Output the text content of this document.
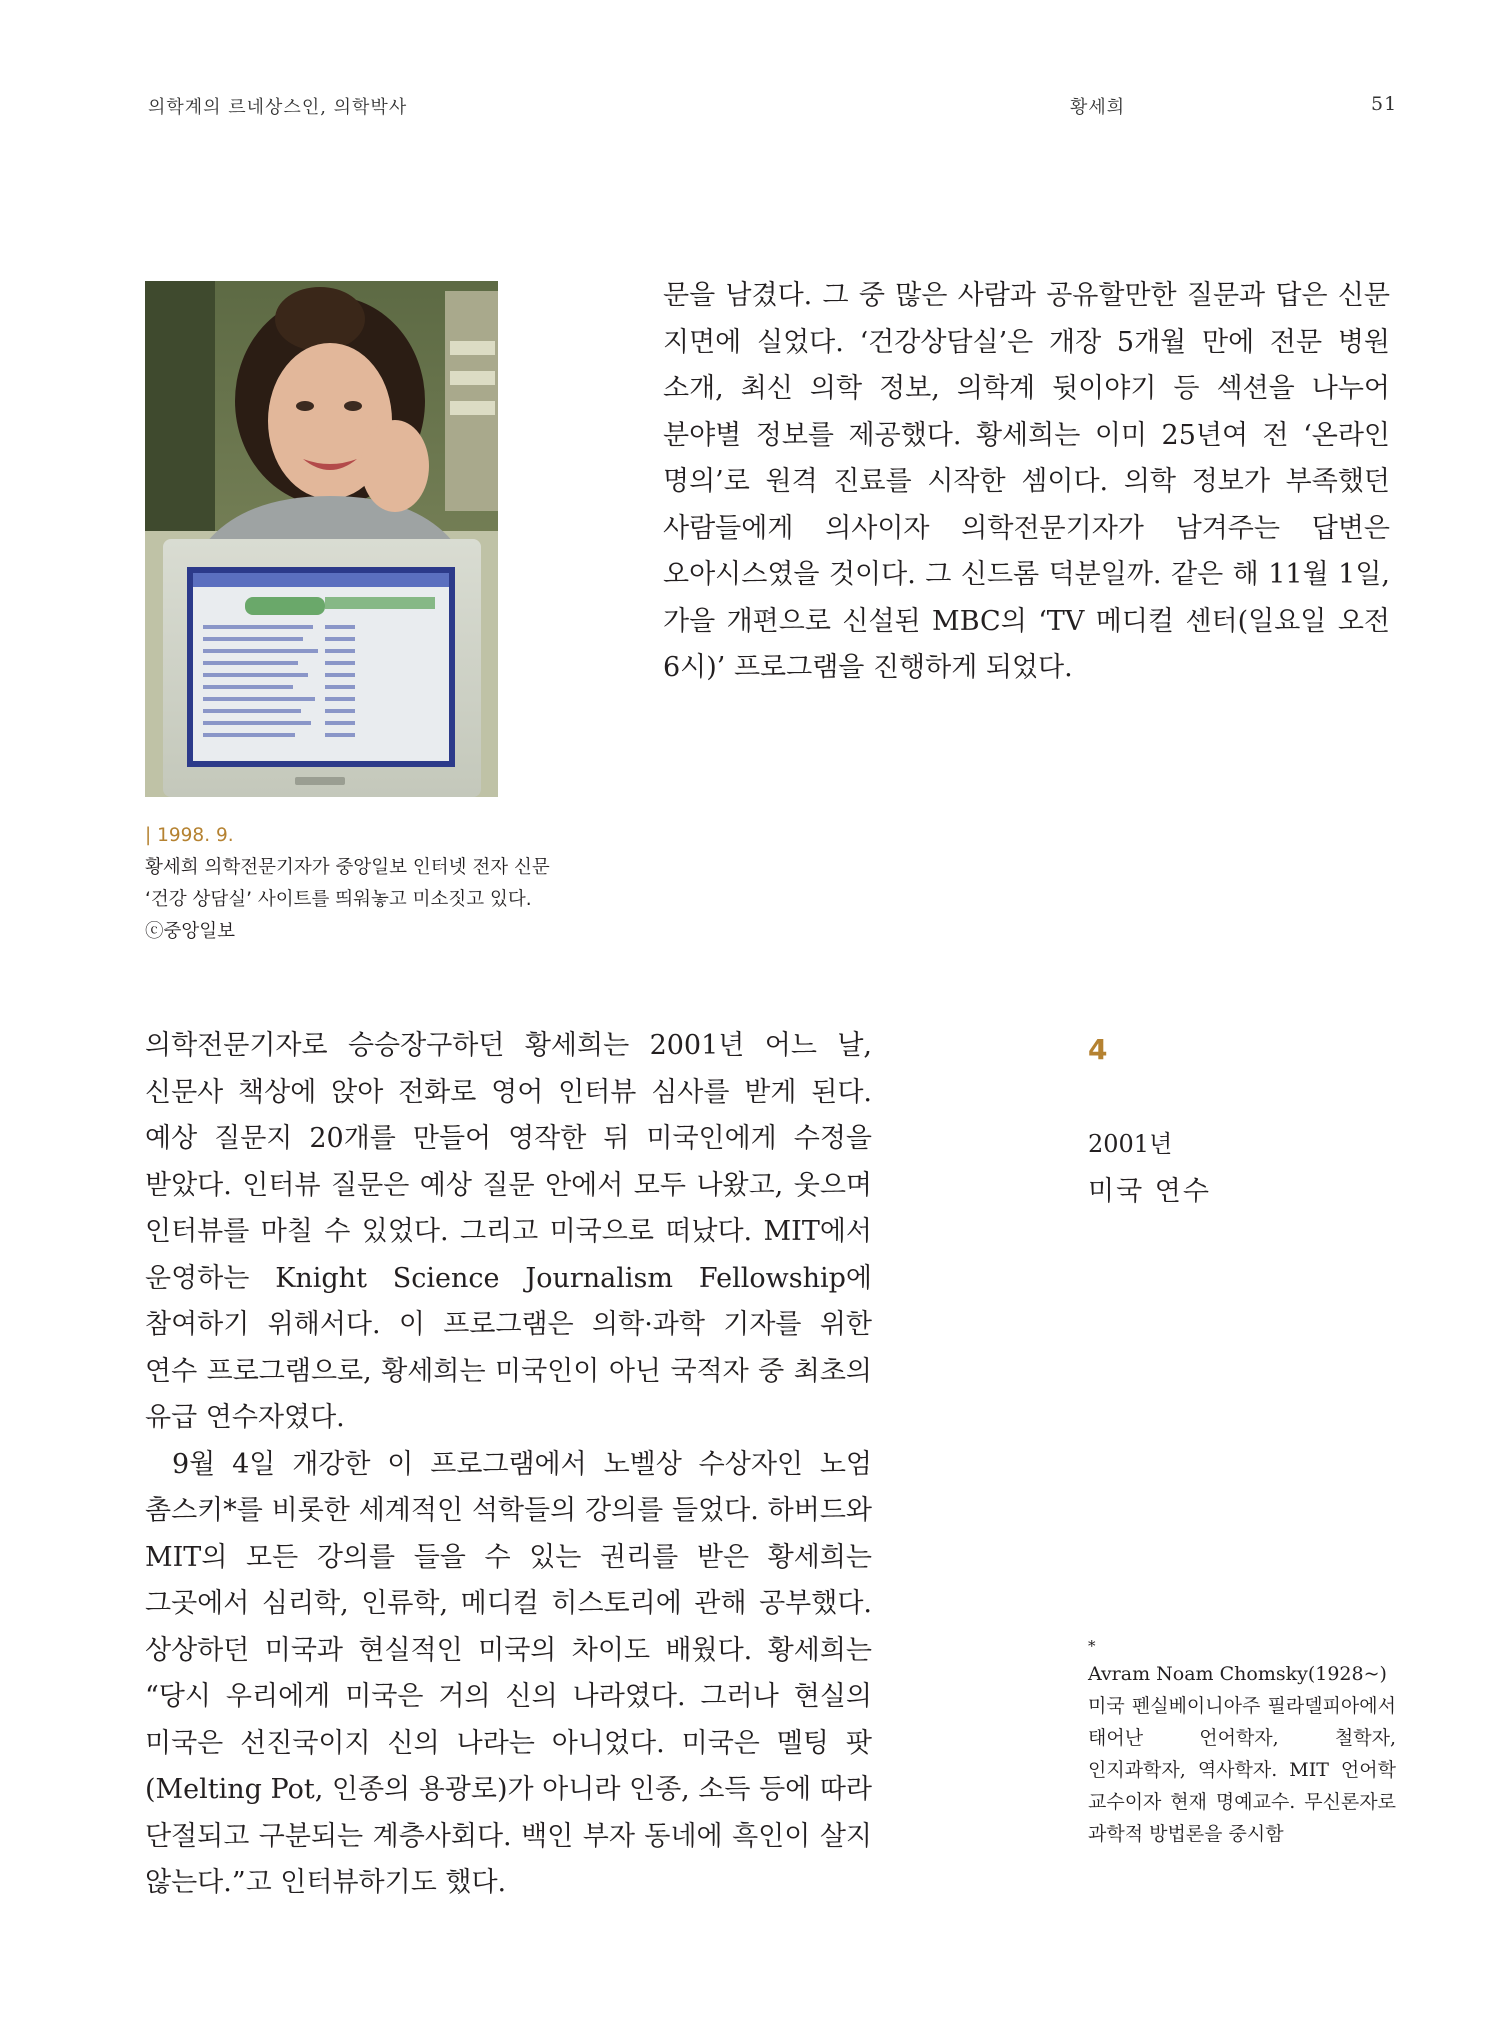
의학계의 르네상스인, 의학박사	황세희	51
| 1998. 9.
황세희 의학전문기자가 중앙일보 인터넷 전자 신문
‘건강 상담실’ 사이트를 띄워놓고 미소짓고 있다.
ⓒ중앙일보

문을 남겼다. 그 중 많은 사람과 공유할만한 질문과 답은 신문 지면에 실었다. ‘건강상담실’은 개장 5개월 만에 전문 병원 소개, 최신 의학 정보, 의학계 뒷이야기 등 섹션을 나누어 분야별 정보를 제공했다. 황세희는 이미 25년여 전 ‘온라인 명의’로 원격 진료를 시작한 셈이다. 의학 정보가 부족했던 사람들에게 의사이자 의학전문기자가 남겨주는 답변은 오아시스였을 것이다. 그 신드롬 덕분일까. 같은 해 11월 1일, 가을 개편으로 신설된 MBC의 ‘TV 메디컬 센터(일요일 오전 6시)’ 프로그램을 진행하게 되었다.

의학전문기자로 승승장구하던 황세희는 2001년 어느 날, 신문사 책상에 앉아 전화로 영어 인터뷰 심사를 받게 된다. 예상 질문지 20개를 만들어 영작한 뒤 미국인에게 수정을 받았다. 인터뷰 질문은 예상 질문 안에서 모두 나왔고, 웃으며 인터뷰를 마칠 수 있었다. 그리고 미국으로 떠났다. MIT에서 운영하는 Knight Science Journalism Fellowship에 참여하기 위해서다. 이 프로그램은 의학·과학 기자를 위한 연수 프로그램으로, 황세희는 미국인이 아닌 국적자 중 최초의 유급 연수자였다.

9월 4일 개강한 이 프로그램에서 노벨상 수상자인 노엄 촘스키*를 비롯한 세계적인 석학들의 강의를 들었다. 하버드와 MIT의 모든 강의를 들을 수 있는 권리를 받은 황세희는 그곳에서 심리학, 인류학, 메디컬 히스토리에 관해 공부했다. 상상하던 미국과 현실적인 미국의 차이도 배웠다. 황세희는 “당시 우리에게 미국은 거의 신의 나라였다. 그러나 현실의 미국은 선진국이지 신의 나라는 아니었다. 미국은 멜팅 팟(Melting Pot, 인종의 용광로)가 아니라 인종, 소득 등에 따라 단절되고 구분되는 계층사회다. 백인 부자 동네에 흑인이 살지 않는다.”고 인터뷰하기도 했다.

4
2001년
미국 연수
*
Avram Noam Chomsky(1928~)
미국 펜실베이니아주 필라델피아에서 태어난 언어학자, 철학자, 인지과학자, 역사학자. MIT 언어학 교수이자 현재 명예교수. 무신론자로 과학적 방법론을 중시함
